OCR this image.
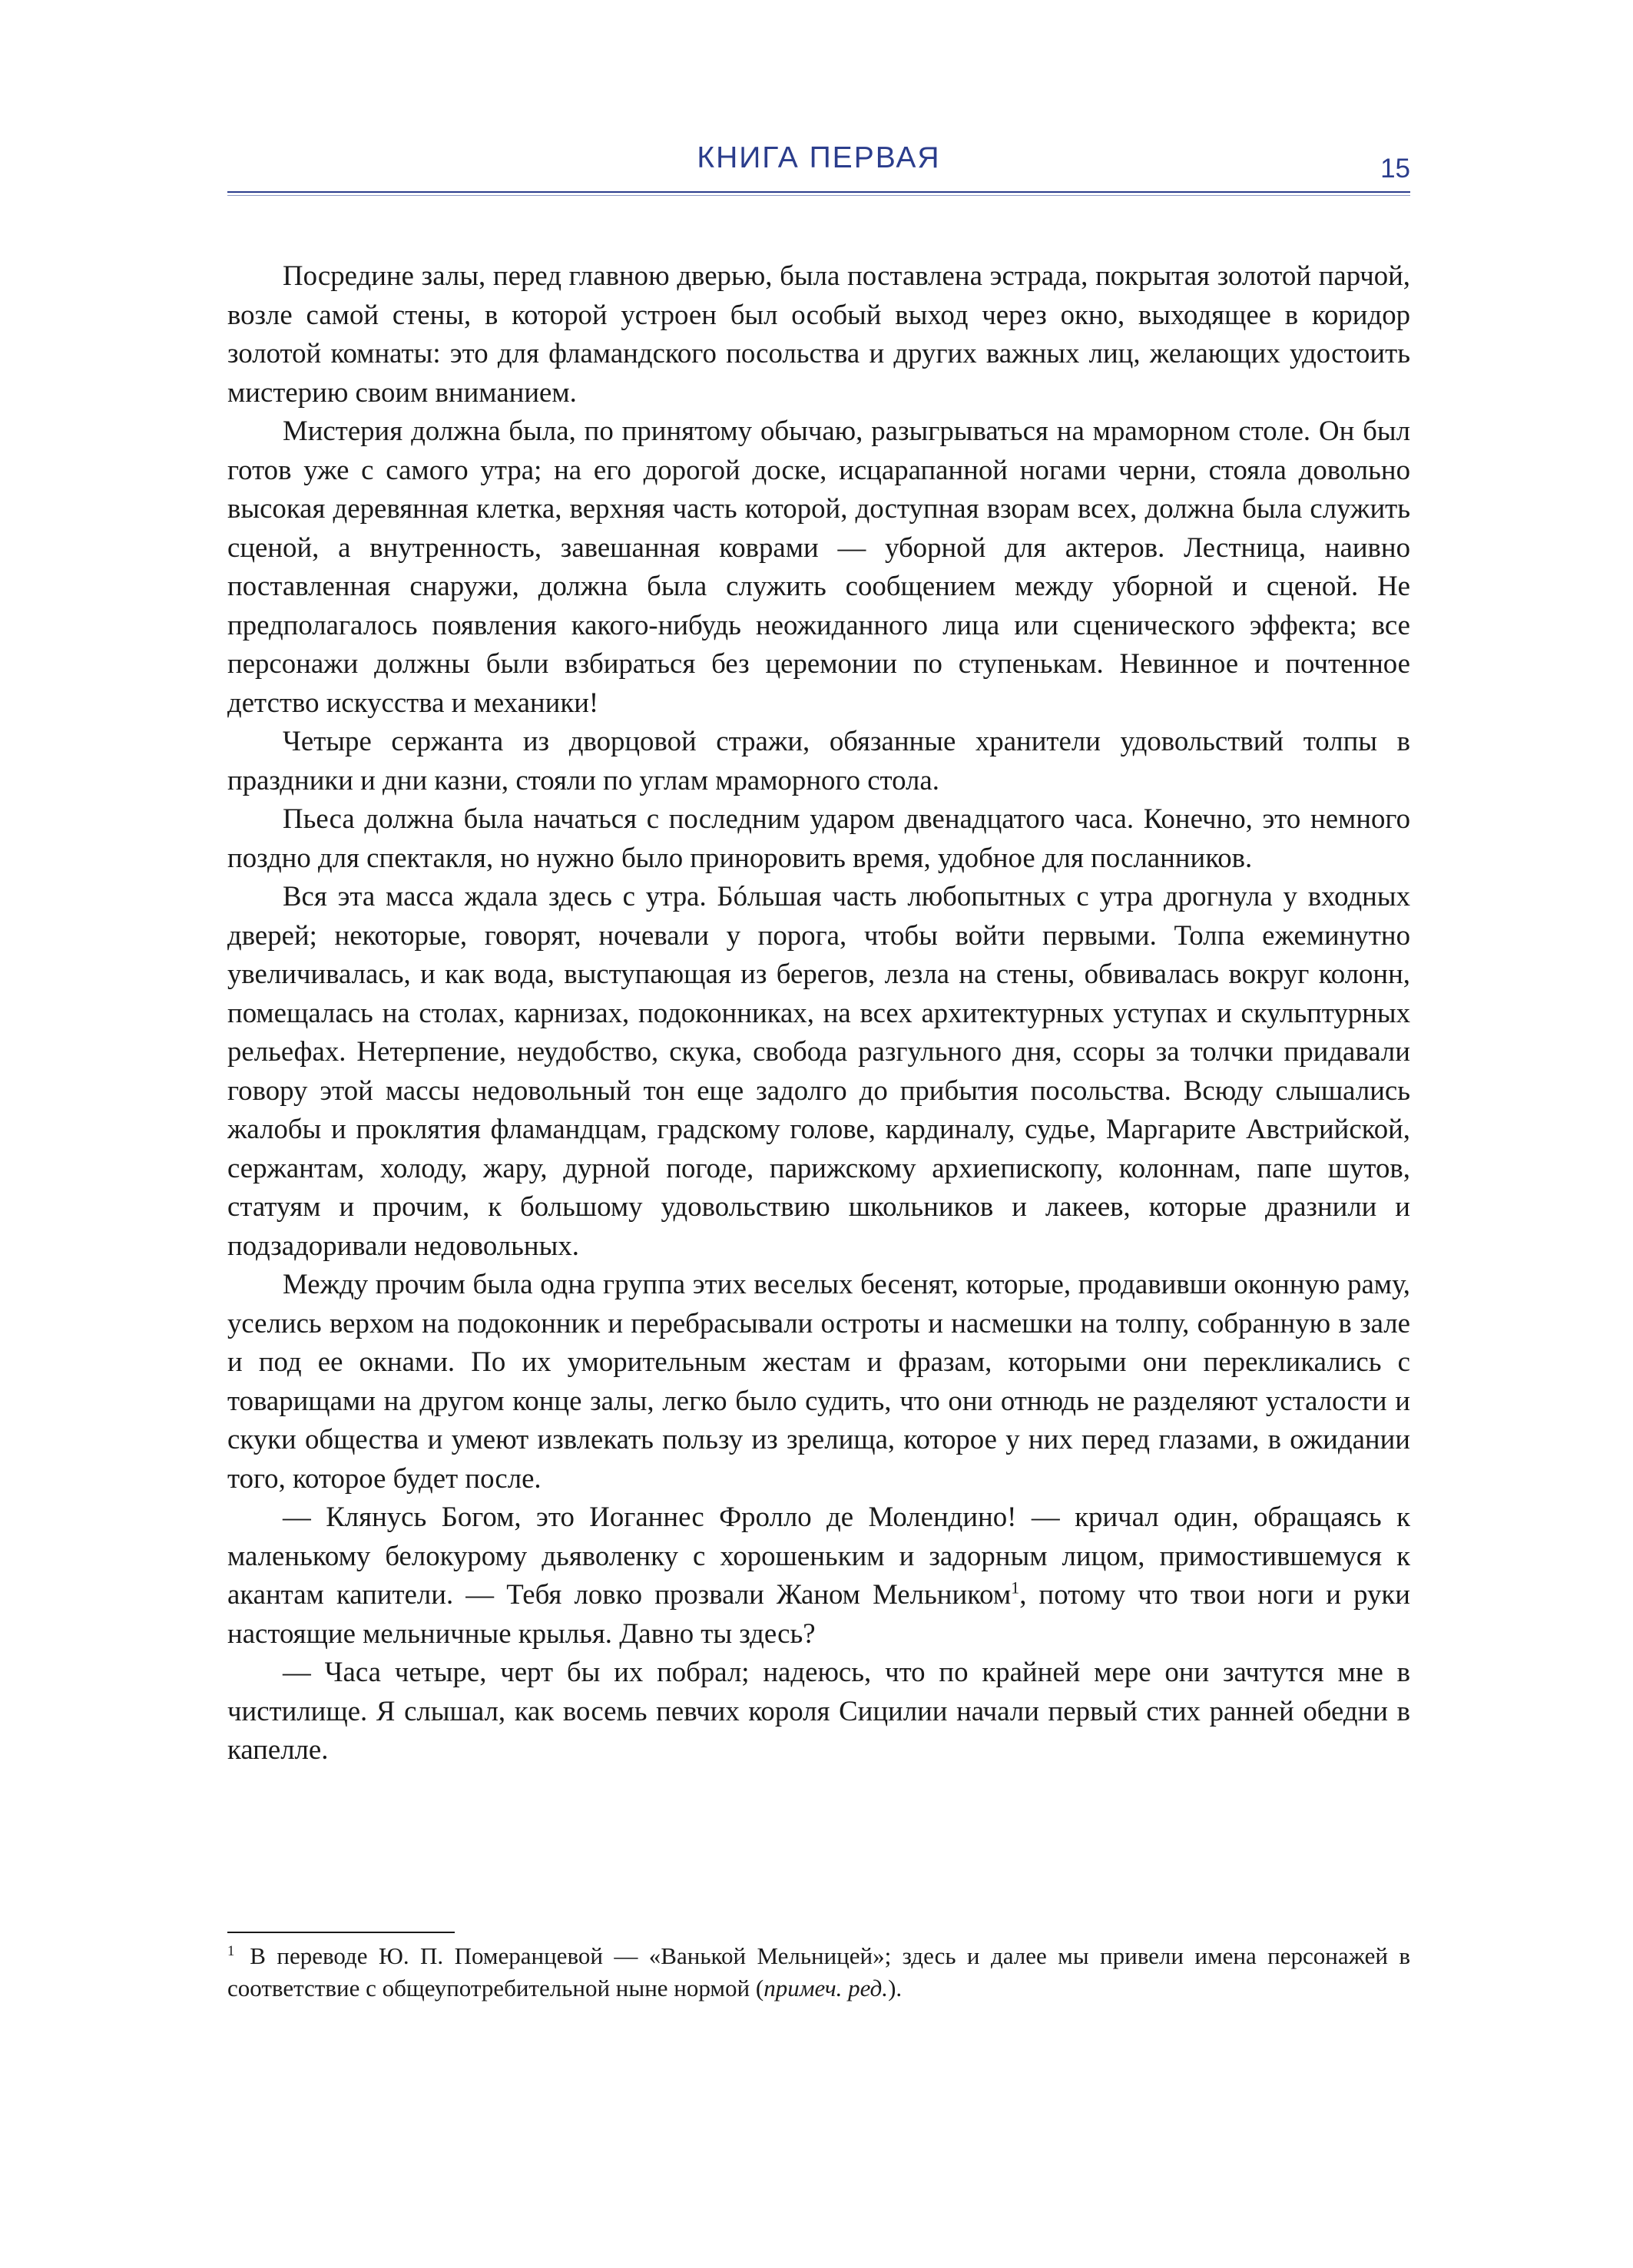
КНИГА ПЕРВАЯ	15

Посредине залы, перед главною дверью, была поставлена эстрада, покрытая золотой парчой, возле самой стены, в которой устроен был особый выход через окно, выходящее в коридор золотой комнаты: это для фламандского посольства и других важных лиц, желающих удостоить мистерию своим вниманием.

Мистерия должна была, по принятому обычаю, разыгрываться на мраморном столе. Он был готов уже с самого утра; на его дорогой доске, исцарапанной ногами черни, стояла довольно высокая деревянная клетка, верхняя часть которой, доступная взорам всех, должна была служить сценой, а внутренность, завешанная коврами — уборной для актеров. Лестница, наивно поставленная снаружи, должна была служить сообщением между уборной и сценой. Не предполагалось появления какого-нибудь неожиданного лица или сценического эффекта; все персонажи должны были взбираться без церемонии по ступенькам. Невинное и почтенное детство искусства и механики!

Четыре сержанта из дворцовой стражи, обязанные хранители удовольствий толпы в праздники и дни казни, стояли по углам мраморного стола.

Пьеса должна была начаться с последним ударом двенадцатого часа. Конечно, это немного поздно для спектакля, но нужно было приноровить время, удобное для посланников.

Вся эта масса ждала здесь с утра. Бóльшая часть любопытных с утра дрогнула у входных дверей; некоторые, говорят, ночевали у порога, чтобы войти первыми. Толпа ежеминутно увеличивалась, и как вода, выступающая из берегов, лезла на стены, обвивалась вокруг колонн, помещалась на столах, карнизах, подоконниках, на всех архитектурных уступах и скульптурных рельефах. Нетерпение, неудобство, скука, свобода разгульного дня, ссоры за толчки придавали говору этой массы недовольный тон еще задолго до прибытия посольства. Всюду слышались жалобы и проклятия фламандцам, градскому голове, кардиналу, судье, Маргарите Австрийской, сержантам, холоду, жару, дурной погоде, парижскому архиепископу, колоннам, папе шутов, статуям и прочим, к большому удовольствию школьников и лакеев, которые дразнили и подзадоривали недовольных.

Между прочим была одна группа этих веселых бесенят, которые, продавивши оконную раму, уселись верхом на подоконник и перебрасывали остроты и насмешки на толпу, собранную в зале и под ее окнами. По их уморительным жестам и фразам, которыми они перекликались с товарищами на другом конце залы, легко было судить, что они отнюдь не разделяют усталости и скуки общества и умеют извлекать пользу из зрелища, которое у них перед глазами, в ожидании того, которое будет после.

— Клянусь Богом, это Иоганнес Фролло де Молендино! — кричал один, обращаясь к маленькому белокурому дьяволенку с хорошеньким и задорным лицом, примостившемуся к акантам капители. — Тебя ловко прозвали Жаном Мельником$^1$, потому что твои ноги и руки настоящие мельничные крылья. Давно ты здесь?

— Часа четыре, черт бы их побрал; надеюсь, что по крайней мере они зачтутся мне в чистилище. Я слышал, как восемь певчих короля Сицилии начали первый стих ранней обедни в капелле.

$^1$ В переводе Ю. П. Померанцевой — «Ванькой Мельницей»; здесь и далее мы привели имена персонажей в соответствие с общеупотребительной ныне нормой (примеч. ред.).
